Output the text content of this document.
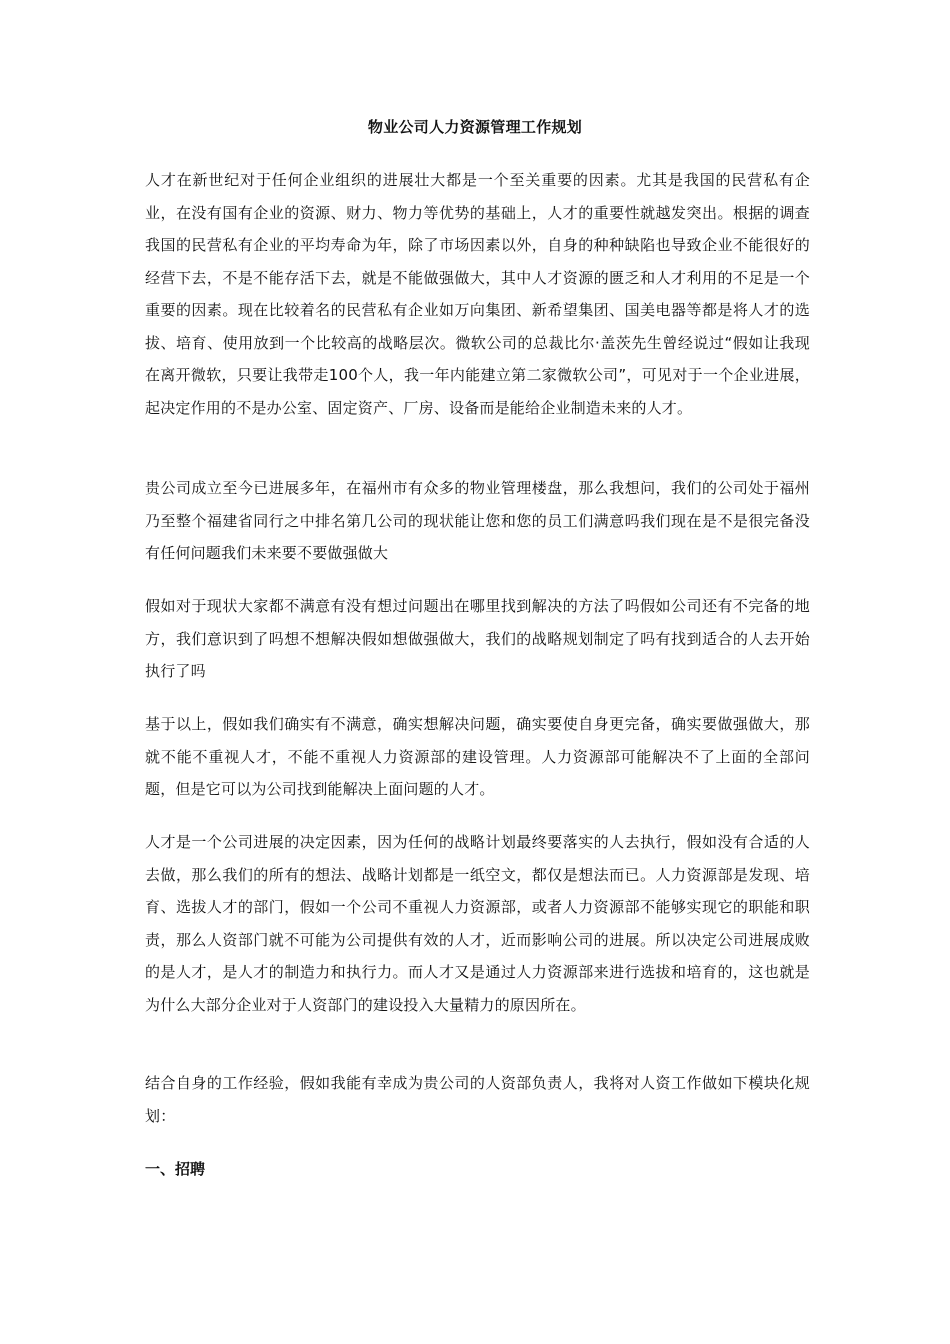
物业公司人力资源管理工作规划

人才在新世纪对于任何企业组织的进展壮大都是一个至关重要的因素。尤其是我国的民营私有企业，在没有国有企业的资源、财力、物力等优势的基础上，人才的重要性就越发突出。根据的调查我国的民营私有企业的平均寿命为年，除了市场因素以外，自身的种种缺陷也导致企业不能很好的经营下去，不是不能存活下去，就是不能做强做大，其中人才资源的匮乏和人才利用的不足是一个重要的因素。现在比较着名的民营私有企业如万向集团、新希望集团、国美电器等都是将人才的选拔、培育、使用放到一个比较高的战略层次。微软公司的总裁比尔·盖茨先生曾经说过“假如让我现在离开微软，只要让我带走100个人，我一年内能建立第二家微软公司”，可见对于一个企业进展，起决定作用的不是办公室、固定资产、厂房、设备而是能给企业制造未来的人才。

贵公司成立至今已进展多年，在福州市有众多的物业管理楼盘，那么我想问，我们的公司处于福州乃至整个福建省同行之中排名第几公司的现状能让您和您的员工们满意吗我们现在是不是很完备没有任何问题我们未来要不要做强做大

假如对于现状大家都不满意有没有想过问题出在哪里找到解决的方法了吗假如公司还有不完备的地方，我们意识到了吗想不想解决假如想做强做大，我们的战略规划制定了吗有找到适合的人去开始执行了吗

基于以上，假如我们确实有不满意，确实想解决问题，确实要使自身更完备，确实要做强做大，那就不能不重视人才，不能不重视人力资源部的建设管理。人力资源部可能解决不了上面的全部问题，但是它可以为公司找到能解决上面问题的人才。

人才是一个公司进展的决定因素，因为任何的战略计划最终要落实的人去执行，假如没有合适的人去做，那么我们的所有的想法、战略计划都是一纸空文，都仅是想法而已。人力资源部是发现、培育、选拔人才的部门，假如一个公司不重视人力资源部，或者人力资源部不能够实现它的职能和职责，那么人资部门就不可能为公司提供有效的人才，近而影响公司的进展。所以决定公司进展成败的是人才，是人才的制造力和执行力。而人才又是通过人力资源部来进行选拔和培育的，这也就是为什么大部分企业对于人资部门的建设投入大量精力的原因所在。

结合自身的工作经验，假如我能有幸成为贵公司的人资部负责人，我将对人资工作做如下模块化规划：

一、招聘
